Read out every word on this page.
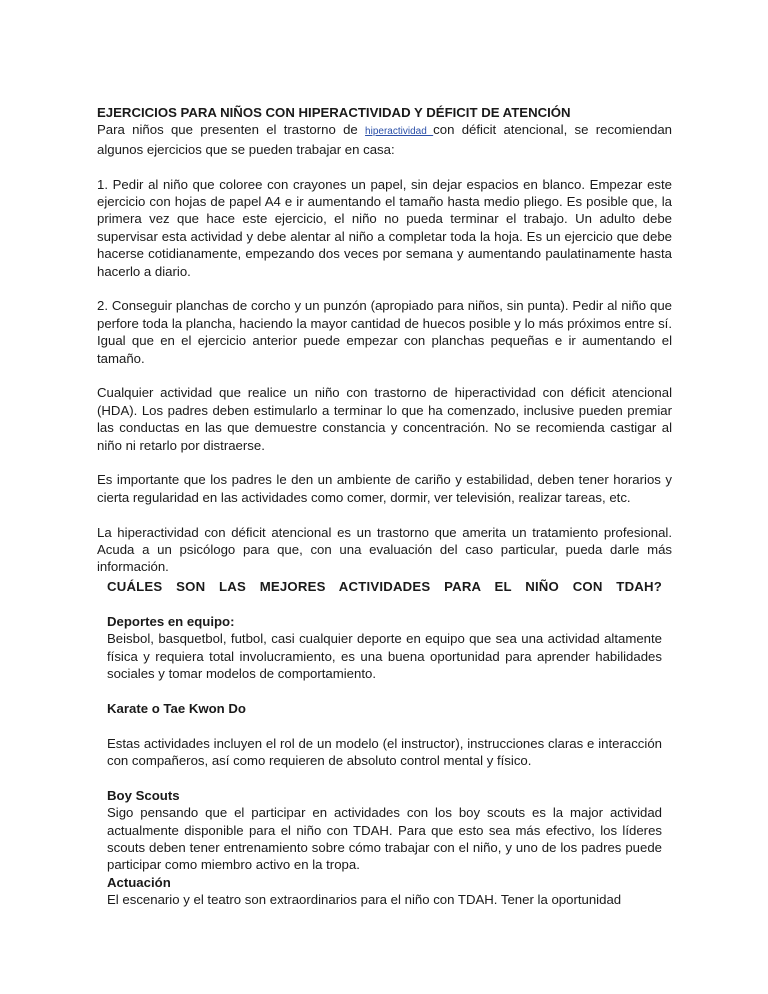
EJERCICIOS PARA NIÑOS CON HIPERACTIVIDAD Y DÉFICIT DE ATENCIÓN

Para niños que presenten el trastorno de hiperactividad con déficit atencional, se recomiendan algunos ejercicios que se pueden trabajar en casa:

1. Pedir al niño que coloree con crayones un papel, sin dejar espacios en blanco. Empezar este ejercicio con hojas de papel A4 e ir aumentando el tamaño hasta medio pliego. Es posible que, la primera vez que hace este ejercicio, el niño no pueda terminar el trabajo. Un adulto debe supervisar esta actividad y debe alentar al niño a completar toda la hoja. Es un ejercicio que debe hacerse cotidianamente, empezando dos veces por semana y aumentando paulatinamente hasta hacerlo a diario.

2. Conseguir planchas de corcho y un punzón (apropiado para niños, sin punta). Pedir al niño que perfore toda la plancha, haciendo la mayor cantidad de huecos posible y lo más próximos entre sí. Igual que en el ejercicio anterior puede empezar con planchas pequeñas e ir aumentando el tamaño.

Cualquier actividad que realice un niño con trastorno de hiperactividad con déficit atencional (HDA). Los padres deben estimularlo a terminar lo que ha comenzado, inclusive pueden premiar las conductas en las que demuestre constancia y concentración. No se recomienda castigar al niño ni retarlo por distraerse.

Es importante que los padres le den un ambiente de cariño y estabilidad, deben tener horarios y cierta regularidad en las actividades como comer, dormir, ver televisión, realizar tareas, etc.

La hiperactividad con déficit atencional es un trastorno que amerita un tratamiento profesional. Acuda a un psicólogo para que, con una evaluación del caso particular, pueda darle más información.

CUÁLES SON LAS MEJORES ACTIVIDADES PARA EL NIÑO CON TDAH?

Deportes en equipo:

Beisbol, basquetbol, futbol, casi cualquier deporte en equipo que sea una actividad altamente física y requiera total involucramiento, es una buena oportunidad para aprender habilidades sociales y tomar modelos de comportamiento.

Karate o Tae Kwon Do

Estas actividades incluyen el rol de un modelo (el instructor), instrucciones claras e interacción con compañeros, así como requieren de absoluto control mental y físico.

Boy Scouts

Sigo pensando que el participar en actividades con los boy scouts es la major actividad actualmente disponible para el niño con TDAH. Para que esto sea más efectivo, los líderes scouts deben tener entrenamiento sobre cómo trabajar con el niño, y uno de los padres puede participar como miembro activo en la tropa.

Actuación

El escenario y el teatro son extraordinarios para el niño con TDAH. Tener la oportunidad
